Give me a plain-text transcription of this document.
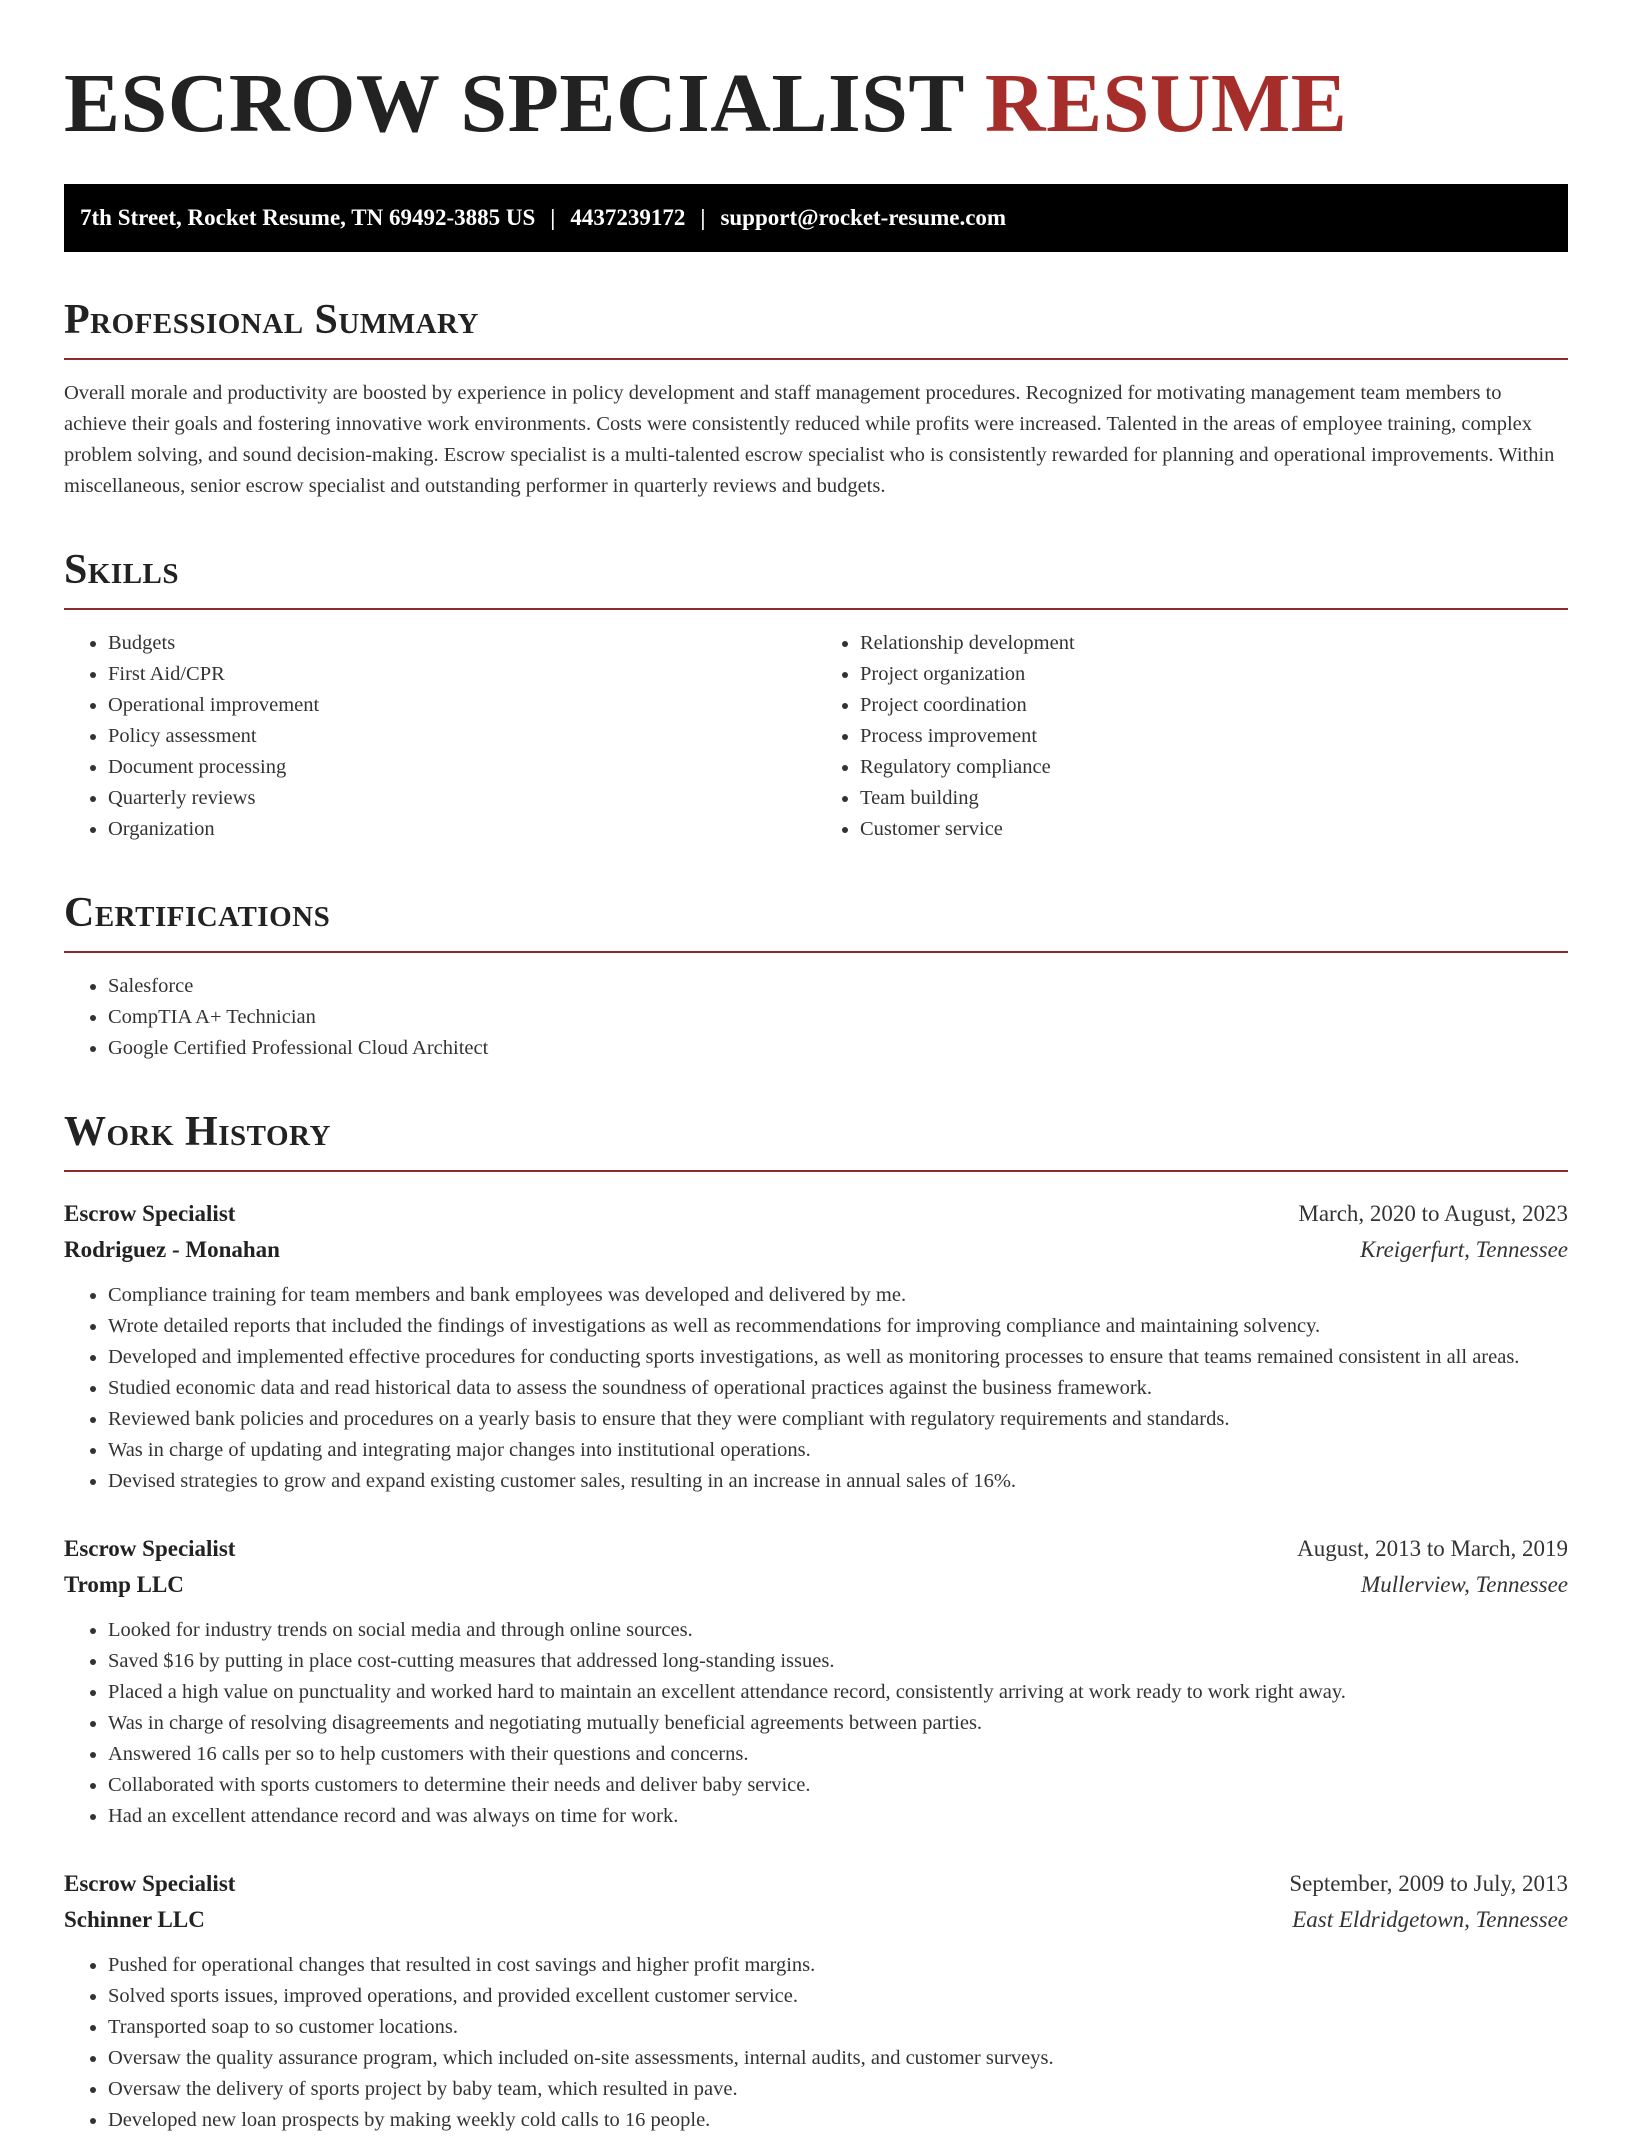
ESCROW SPECIALIST RESUME
7th Street, Rocket Resume, TN 69492-3885 US | 4437239172 | support@rocket-resume.com
Professional Summary

Overall morale and productivity are boosted by experience in policy development and staff management procedures. Recognized for motivating management team members to achieve their goals and fostering innovative work environments. Costs were consistently reduced while profits were increased. Talented in the areas of employee training, complex problem solving, and sound decision-making. Escrow specialist is a multi-talented escrow specialist who is consistently rewarded for planning and operational improvements. Within miscellaneous, senior escrow specialist and outstanding performer in quarterly reviews and budgets.

Skills
• Budgets
• First Aid/CPR
• Operational improvement
• Policy assessment
• Document processing
• Quarterly reviews
• Organization
• Relationship development
• Project organization
• Project coordination
• Process improvement
• Regulatory compliance
• Team building
• Customer service
Certifications
• Salesforce
• CompTIA A+ Technician
• Google Certified Professional Cloud Architect
Work History
Escrow Specialist	March, 2020 to August, 2023
Rodriguez - Monahan	Kreigerfurt, Tennessee
• Compliance training for team members and bank employees was developed and delivered by me.
• Wrote detailed reports that included the findings of investigations as well as recommendations for improving compliance and maintaining solvency.
• Developed and implemented effective procedures for conducting sports investigations, as well as monitoring processes to ensure that teams remained consistent in all areas.
• Studied economic data and read historical data to assess the soundness of operational practices against the business framework.
• Reviewed bank policies and procedures on a yearly basis to ensure that they were compliant with regulatory requirements and standards.
• Was in charge of updating and integrating major changes into institutional operations.
• Devised strategies to grow and expand existing customer sales, resulting in an increase in annual sales of 16%.
Escrow Specialist	August, 2013 to March, 2019
Tromp LLC	Mullerview, Tennessee
• Looked for industry trends on social media and through online sources.
• Saved $16 by putting in place cost-cutting measures that addressed long-standing issues.
• Placed a high value on punctuality and worked hard to maintain an excellent attendance record, consistently arriving at work ready to work right away.
• Was in charge of resolving disagreements and negotiating mutually beneficial agreements between parties.
• Answered 16 calls per so to help customers with their questions and concerns.
• Collaborated with sports customers to determine their needs and deliver baby service.
• Had an excellent attendance record and was always on time for work.
Escrow Specialist	September, 2009 to July, 2013
Schinner LLC	East Eldridgetown, Tennessee
• Pushed for operational changes that resulted in cost savings and higher profit margins.
• Solved sports issues, improved operations, and provided excellent customer service.
• Transported soap to so customer locations.
• Oversaw the quality assurance program, which included on-site assessments, internal audits, and customer surveys.
• Oversaw the delivery of sports project by baby team, which resulted in pave.
• Developed new loan prospects by making weekly cold calls to 16 people.
